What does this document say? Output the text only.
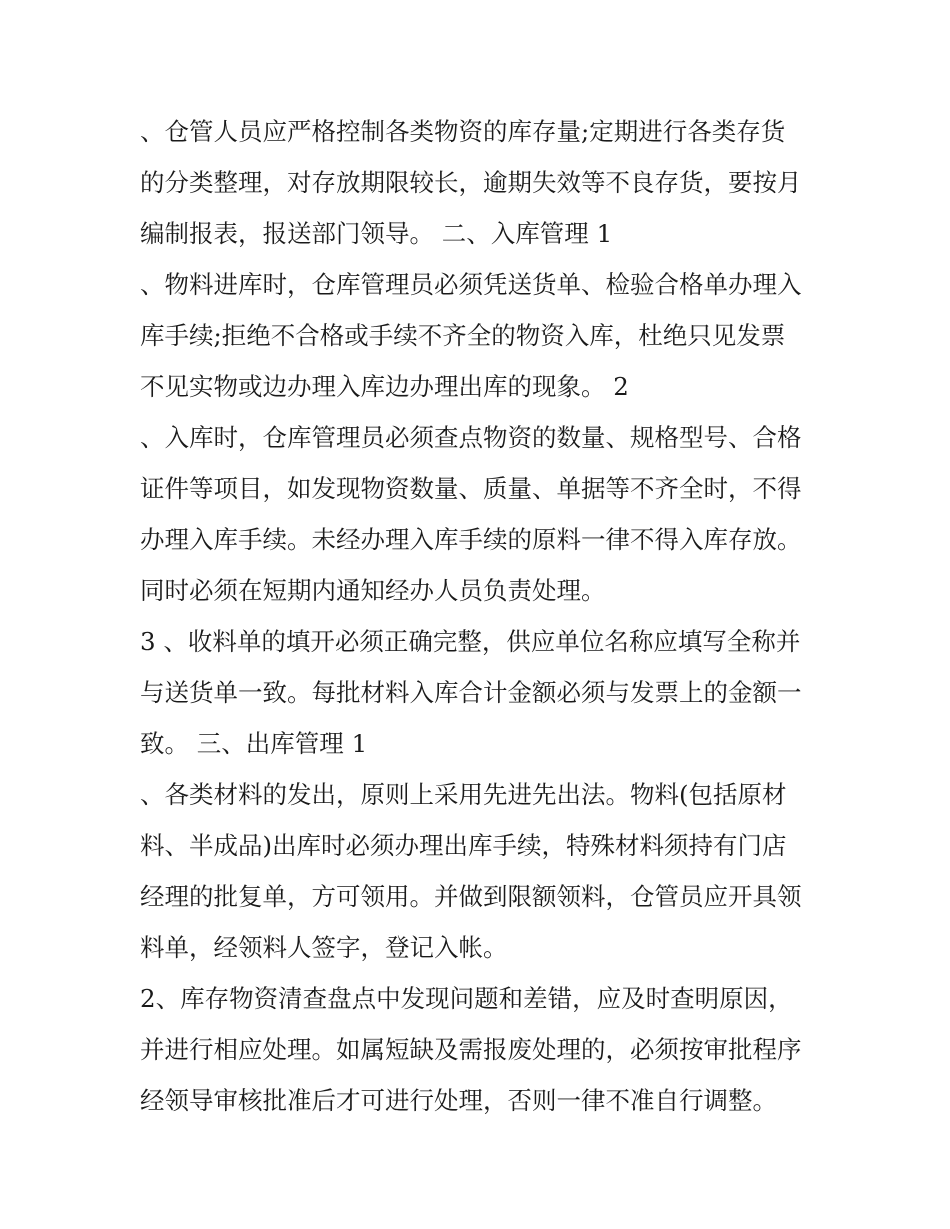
、仓管人员应严格控制各类物资的库存量;定期进行各类存货
的分类整理，对存放期限较长，逾期失效等不良存货，要按月
编制报表，报送部门领导。 二、入库管理 1
、物料进库时，仓库管理员必须凭送货单、检验合格单办理入
库手续;拒绝不合格或手续不齐全的物资入库，杜绝只见发票
不见实物或边办理入库边办理出库的现象。 2
、入库时，仓库管理员必须查点物资的数量、规格型号、合格
证件等项目，如发现物资数量、质量、单据等不齐全时，不得
办理入库手续。未经办理入库手续的原料一律不得入库存放。
同时必须在短期内通知经办人员负责处理。
3 、收料单的填开必须正确完整，供应单位名称应填写全称并
与送货单一致。每批材料入库合计金额必须与发票上的金额一
致。 三、出库管理 1
、各类材料的发出，原则上采用先进先出法。物料(包括原材
料、半成品)出库时必须办理出库手续，特殊材料须持有门店
经理的批复单，方可领用。并做到限额领料，仓管员应开具领
料单，经领料人签字，登记入帐。
2、库存物资清查盘点中发现问题和差错，应及时查明原因，
并进行相应处理。如属短缺及需报废处理的，必须按审批程序
经领导审核批准后才可进行处理，否则一律不准自行调整。
